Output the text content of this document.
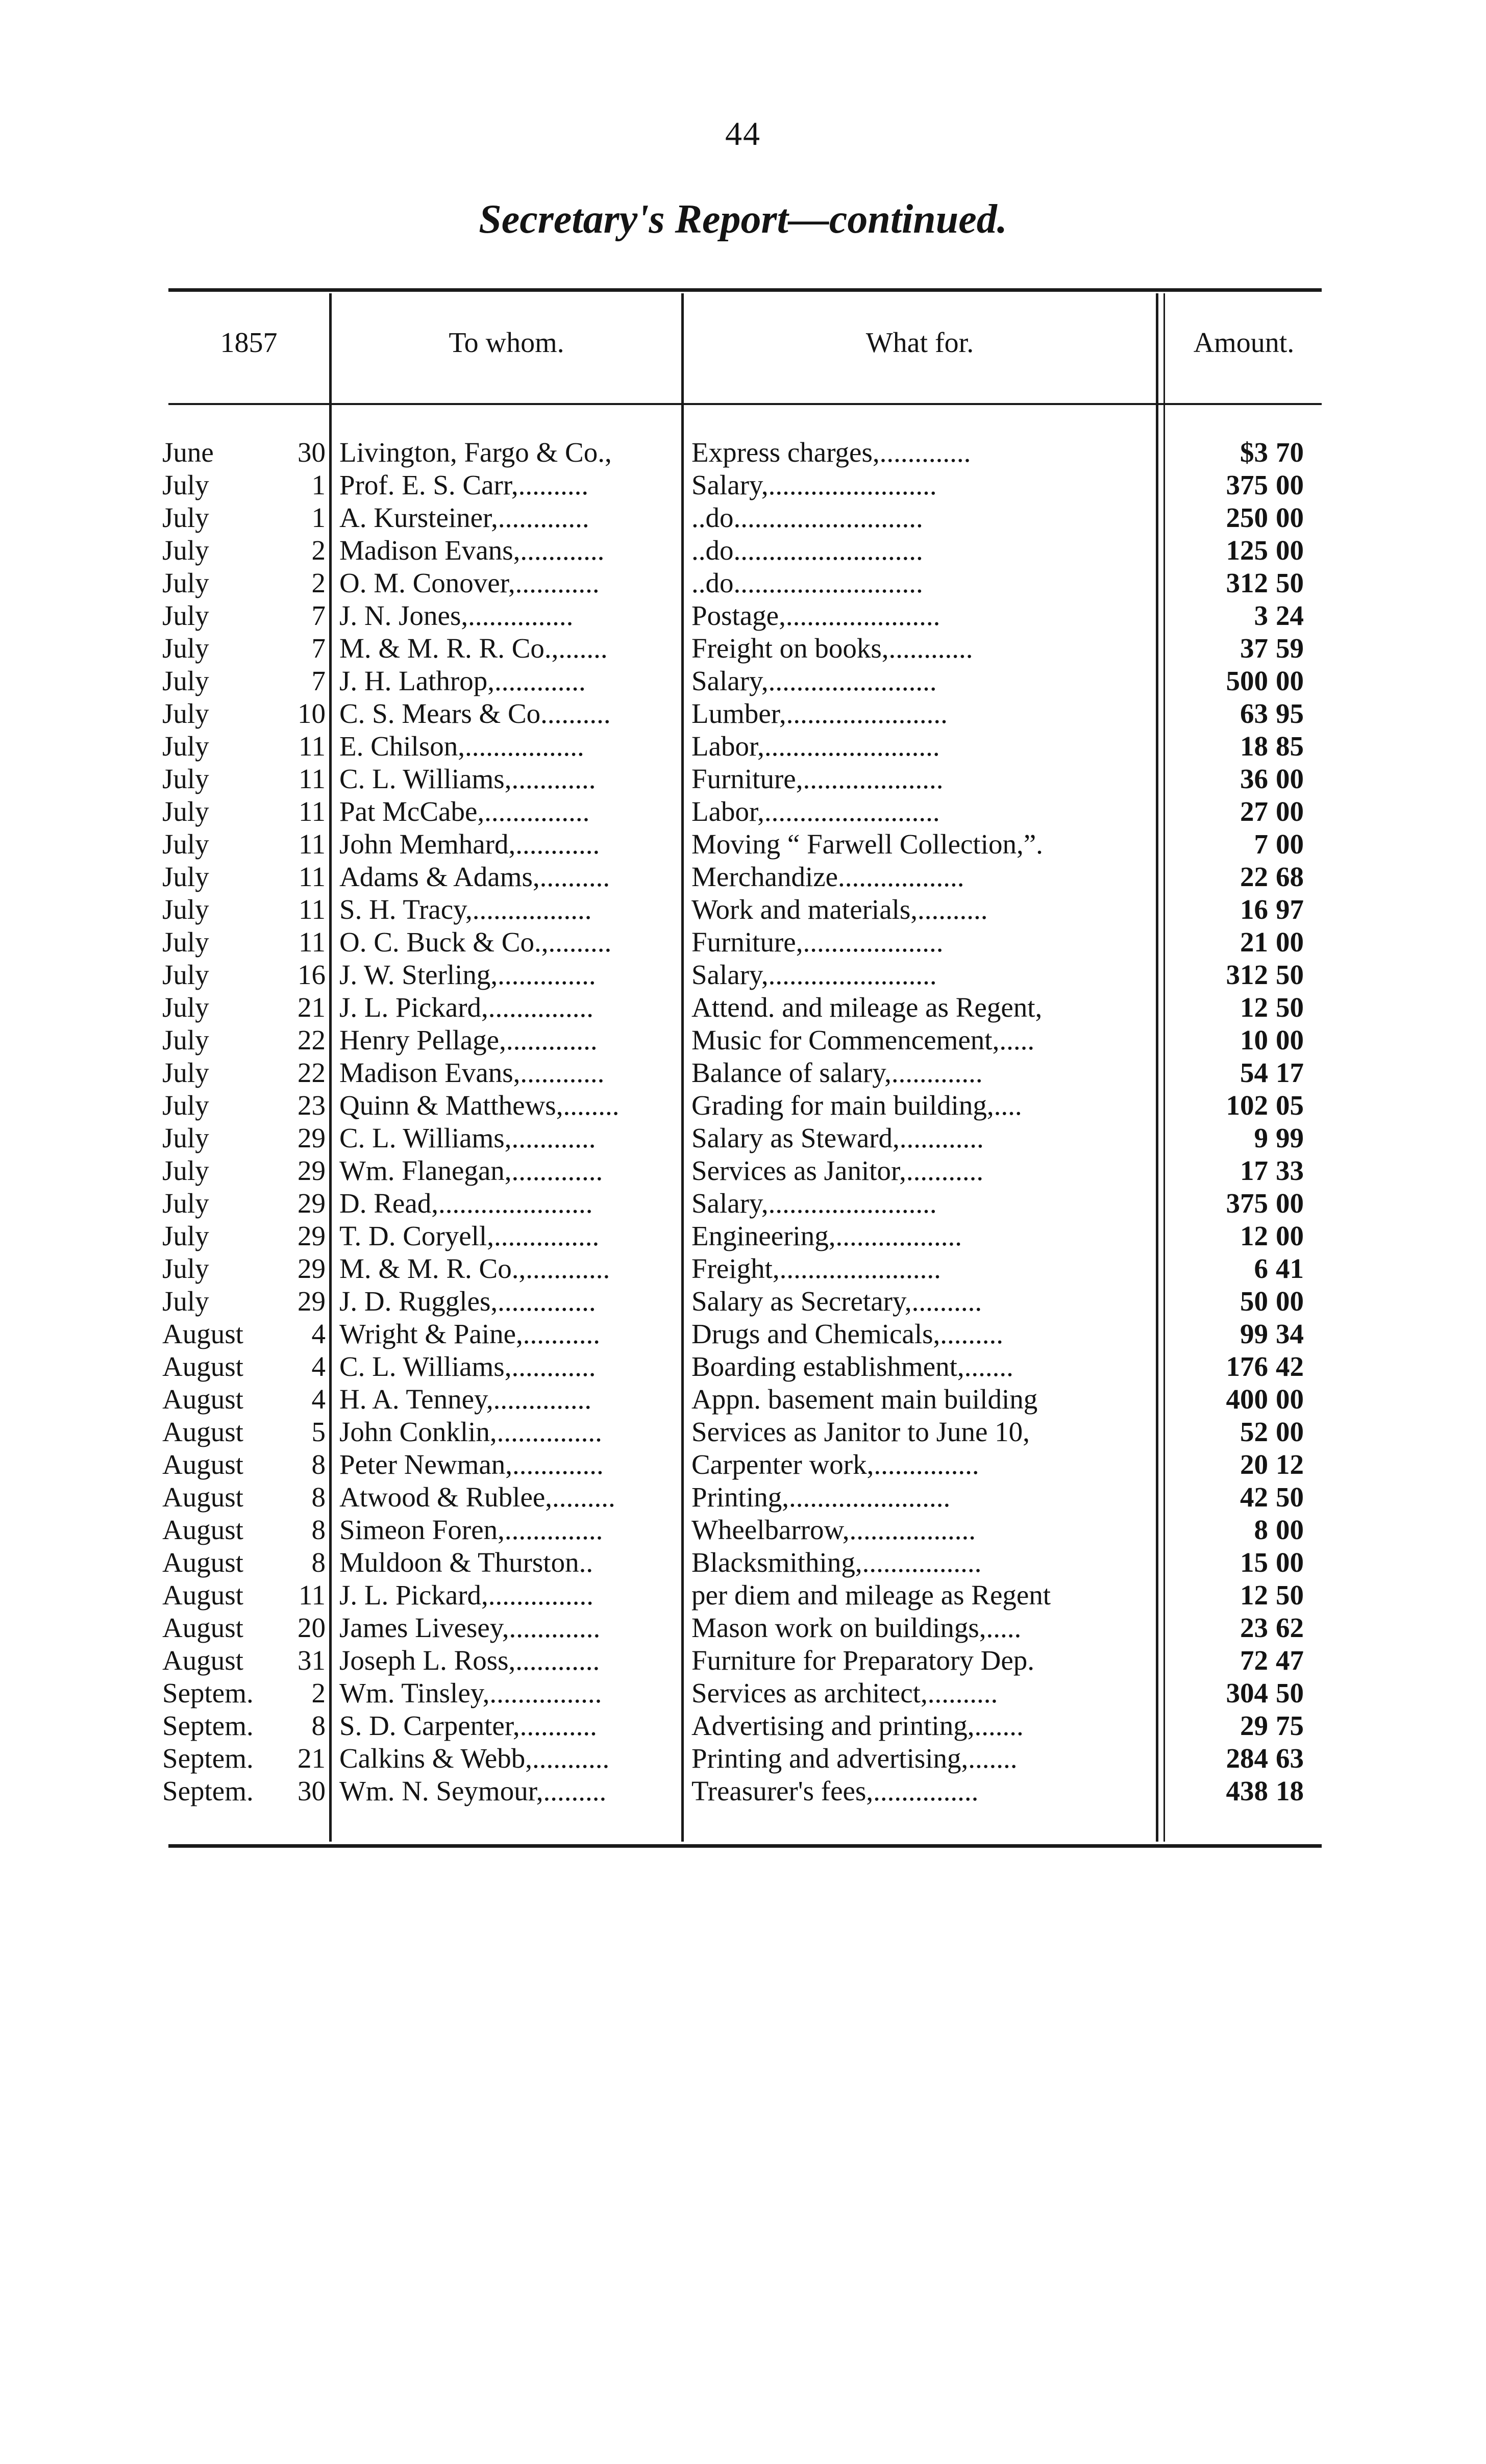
44
Secretary's Report—continued.
1857	To whom.	What for.	Amount.
June	30 Livington, Fargo & Co.,	Express charges,.............	$3 70
July	1 Prof. E. S. Carr,..........	Salary,........................	375 00
July	1 A. Kursteiner,.............	..do...........................	250 00
July	2 Madison Evans,............	..do...........................	125 00
July	2 O. M. Conover,............	..do...........................	312 50
July	7 J. N. Jones,...............	Postage,......................	3 24
July	7 M. & M. R. R. Co.,.......	Freight on books,............	37 59
July	7 J. H. Lathrop,.............	Salary,........................	500 00
July	10 C. S. Mears & Co..........	Lumber,.......................	63 95
July	11 E. Chilson,.................	Labor,.........................	18 85
July	11 C. L. Williams,............	Furniture,....................	36 00
July	11 Pat McCabe,...............	Labor,.........................	27 00
July	11 John Memhard,............	Moving “ Farwell Collection,”.	7 00
July	11 Adams & Adams,..........	Merchandize..................	22 68
July	11 S. H. Tracy,.................	Work and materials,..........	16 97
July	11 O. C. Buck & Co.,.........	Furniture,....................	21 00
July	16 J. W. Sterling,..............	Salary,........................	312 50
July	21 J. L. Pickard,...............	Attend. and mileage as Regent,	12 50
July	22 Henry Pellage,.............	Music for Commencement,.....	10 00
July	22 Madison Evans,............	Balance of salary,.............	54 17
July	23 Quinn & Matthews,........	Grading for main building,....	102 05
July	29 C. L. Williams,............	Salary as Steward,............	9 99
July	29 Wm. Flanegan,.............	Services as Janitor,...........	17 33
July	29 D. Read,......................	Salary,........................	375 00
July	29 T. D. Coryell,...............	Engineering,..................	12 00
July	29 M. & M. R. Co.,............	Freight,.......................	6 41
July	29 J. D. Ruggles,..............	Salary as Secretary,..........	50 00
August	4 Wright & Paine,...........	Drugs and Chemicals,.........	99 34
August	4 C. L. Williams,............	Boarding establishment,.......	176 42
August	4 H. A. Tenney,..............	Appn. basement main building	400 00
August	5 John Conklin,...............	Services as Janitor to June 10,	52 00
August	8 Peter Newman,.............	Carpenter work,...............	20 12
August	8 Atwood & Rublee,.........	Printing,.......................	42 50
August	8 Simeon Foren,..............	Wheelbarrow,..................	8 00
August	8 Muldoon & Thurston..	Blacksmithing,.................	15 00
August	11 J. L. Pickard,...............	per diem and mileage as Regent	12 50
August	20 James Livesey,.............	Mason work on buildings,.....	23 62
August	31 Joseph L. Ross,............	Furniture for Preparatory Dep.	72 47
Septem.	2 Wm. Tinsley,................	Services as architect,..........	304 50
Septem.	8 S. D. Carpenter,...........	Advertising and printing,.......	29 75
Septem.	21 Calkins & Webb,...........	Printing and advertising,.......	284 63
Septem.	30 Wm. N. Seymour,.........	Treasurer's fees,...............	438 18
